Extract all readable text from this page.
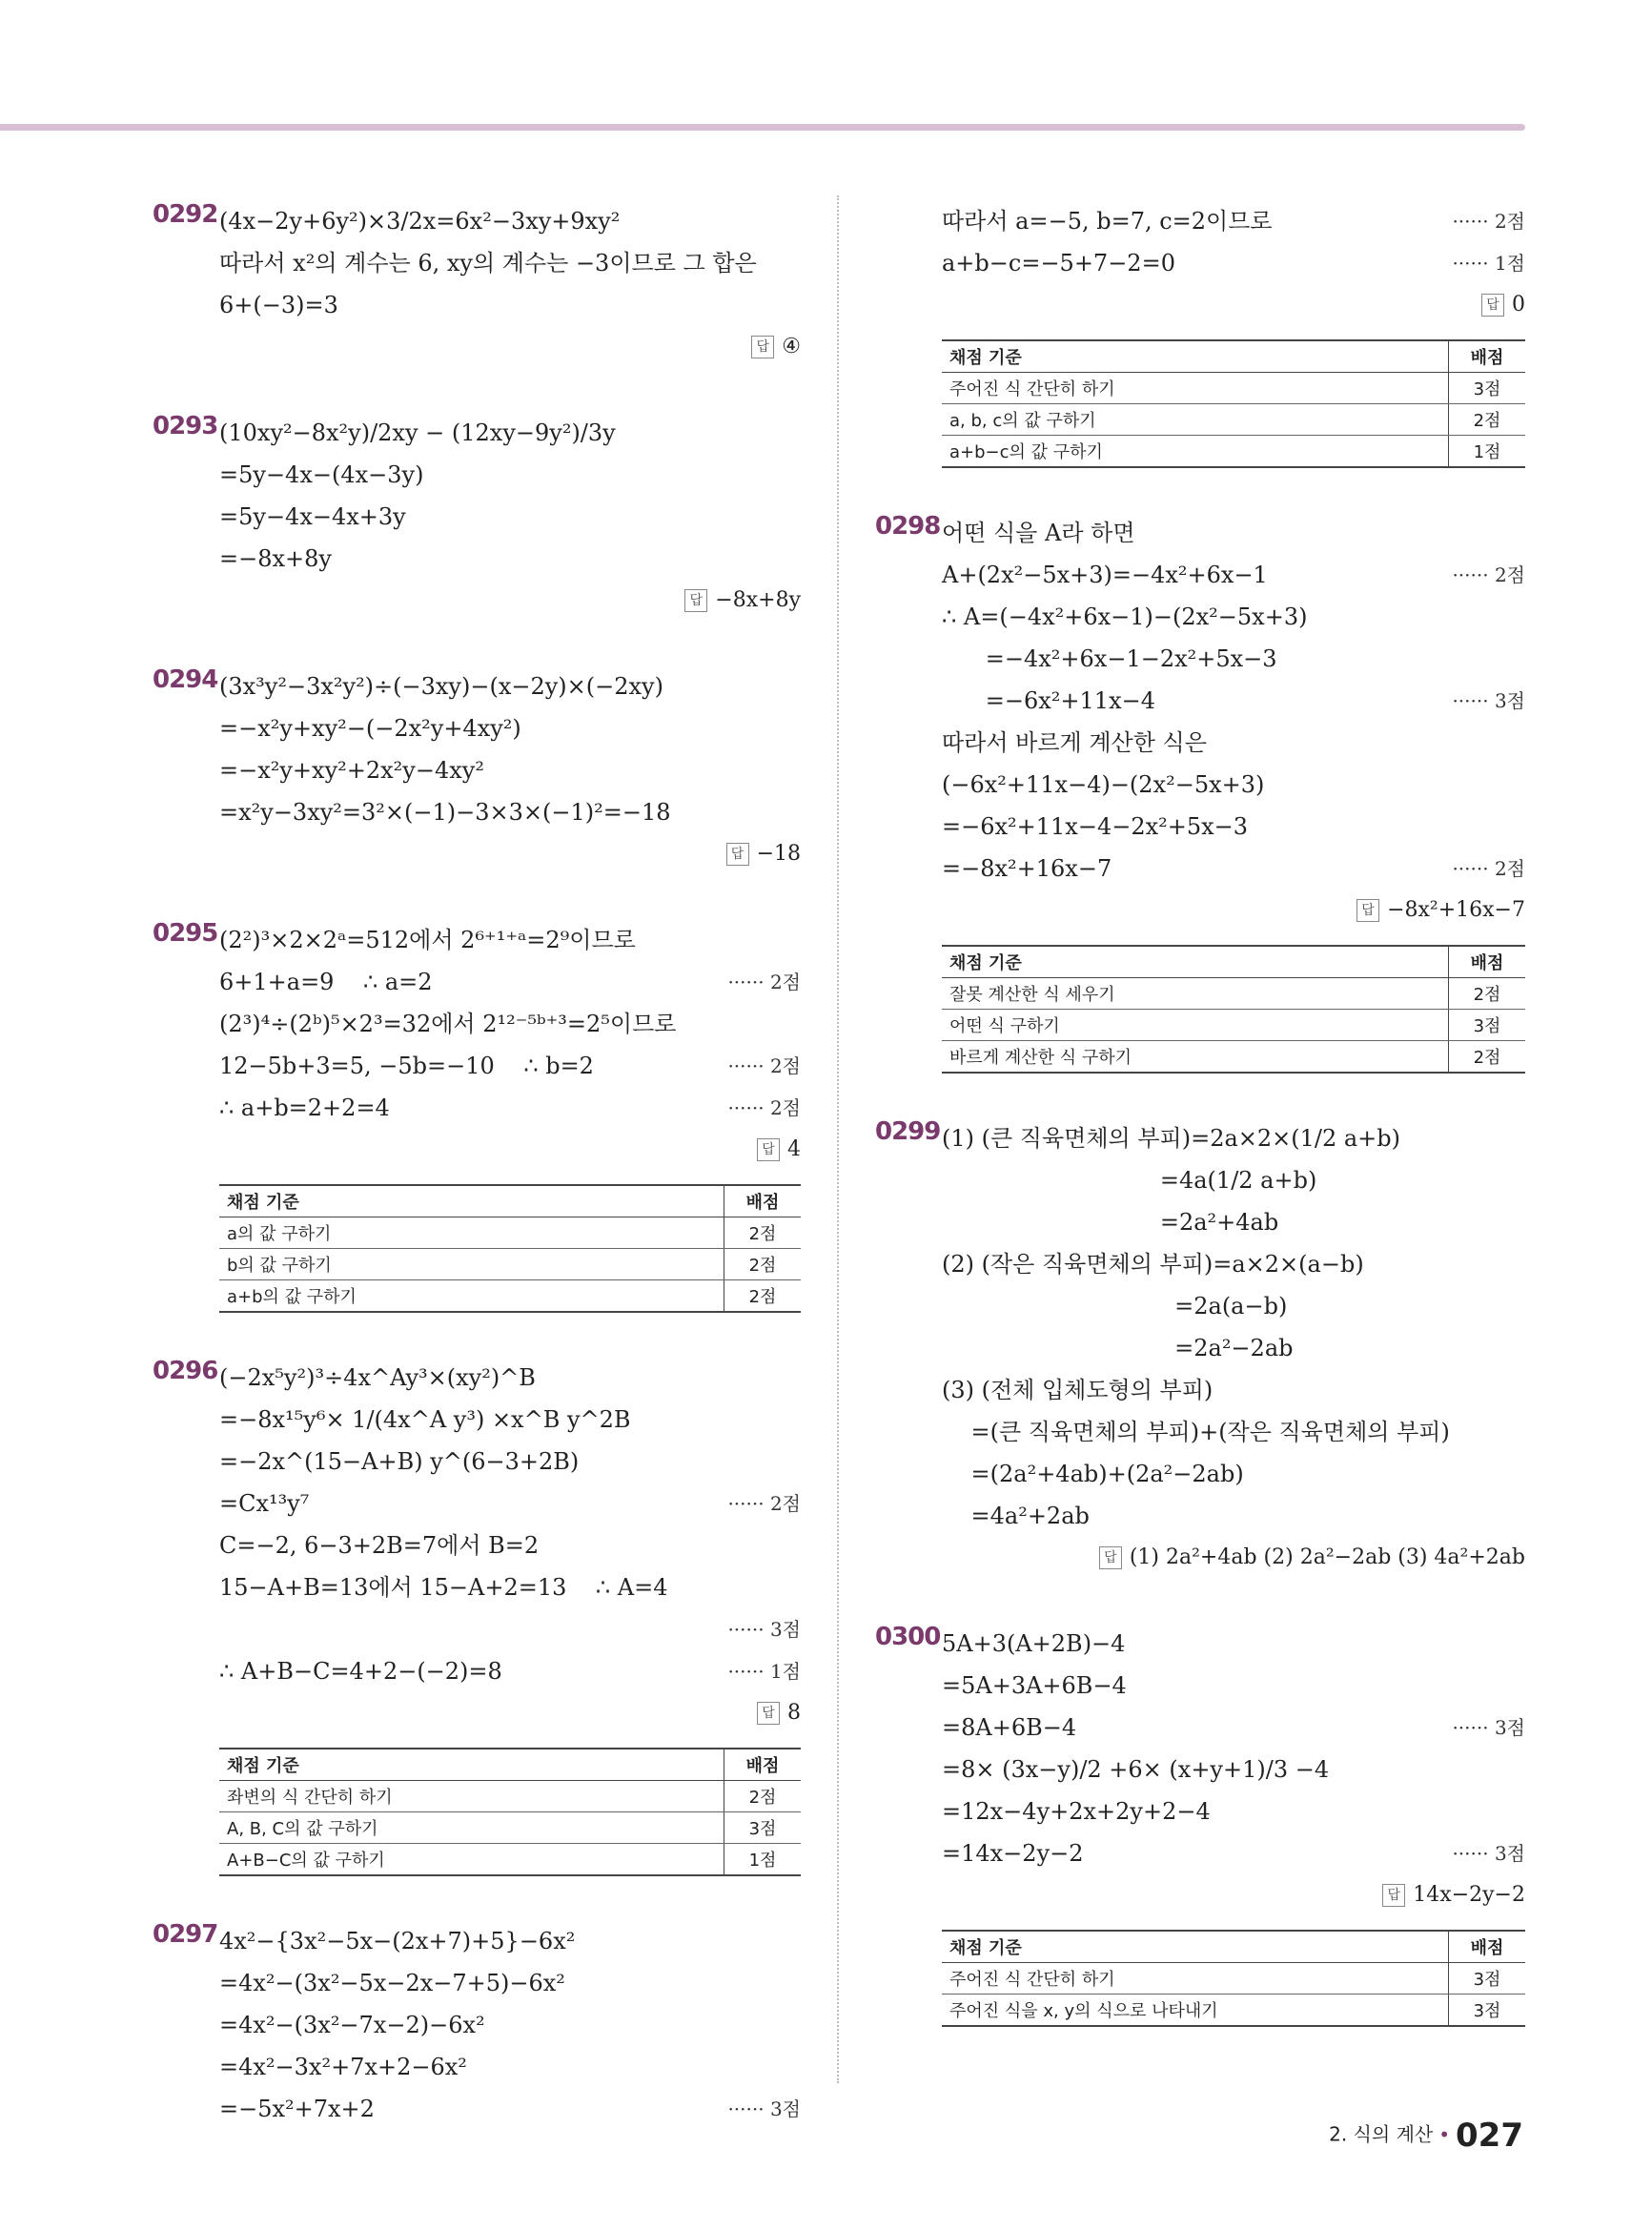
0292 (4x−2y+6y²)×3/2x=6x²−3xy+9xy²
따라서 x²의 계수는 6, xy의 계수는 −3이므로 그 합은
6+(−3)=3
답 ④
0293 (10xy²−8x²y)/2xy − (12xy−9y²)/3y
=5y−4x−(4x−3y)
=5y−4x−4x+3y
=−8x+8y
답 −8x+8y
0294 (3x³y²−3x²y²)÷(−3xy)−(x−2y)×(−2xy)
=−x²y+xy²−(−2x²y+4xy²)
=−x²y+xy²+2x²y−4xy²
=x²y−3xy²=3²×(−1)−3×3×(−1)²=−18
답 −18
0295 (2²)³×2×2ᵃ=512에서 2⁶⁺¹⁺ᵃ=2⁹이므로
6+1+a=9    ∴ a=2	······ 2점
(2³)⁴÷(2ᵇ)⁵×2³=32에서 2¹²⁻⁵ᵇ⁺³=2⁵이므로
12−5b+3=5, −5b=−10    ∴ b=2	······ 2점
∴ a+b=2+2=4	······ 2점
답 4
채점 기준	배점
a의 값 구하기	2점
b의 값 구하기	2점
a+b의 값 구하기	2점
0296 (−2x⁵y²)³÷4x^Ay³×(xy²)^B
=−8x¹⁵y⁶× 1/(4x^A y³) ×x^B y^2B
=−2x^(15−A+B) y^(6−3+2B)
=Cx¹³y⁷	······ 2점
C=−2, 6−3+2B=7에서 B=2
15−A+B=13에서 15−A+2=13    ∴ A=4
······ 3점
∴ A+B−C=4+2−(−2)=8	······ 1점
답 8
채점 기준	배점
좌변의 식 간단히 하기	2점
A, B, C의 값 구하기	3점
A+B−C의 값 구하기	1점
0297 4x²−{3x²−5x−(2x+7)+5}−6x²
=4x²−(3x²−5x−2x−7+5)−6x²
=4x²−(3x²−7x−2)−6x²
=4x²−3x²+7x+2−6x²
=−5x²+7x+2	······ 3점
따라서 a=−5, b=7, c=2이므로	······ 2점
a+b−c=−5+7−2=0	······ 1점
답 0
채점 기준	배점
주어진 식 간단히 하기	3점
a, b, c의 값 구하기	2점
a+b−c의 값 구하기	1점
0298 어떤 식을 A라 하면
A+(2x²−5x+3)=−4x²+6x−1	······ 2점
∴ A=(−4x²+6x−1)−(2x²−5x+3)
=−4x²+6x−1−2x²+5x−3
=−6x²+11x−4	······ 3점
따라서 바르게 계산한 식은
(−6x²+11x−4)−(2x²−5x+3)
=−6x²+11x−4−2x²+5x−3
=−8x²+16x−7	······ 2점
답 −8x²+16x−7
채점 기준	배점
잘못 계산한 식 세우기	2점
어떤 식 구하기	3점
바르게 계산한 식 구하기	2점
0299 (1) (큰 직육면체의 부피)=2a×2×(1/2 a+b)
=4a(1/2 a+b)
=2a²+4ab
(2) (작은 직육면체의 부피)=a×2×(a−b)
=2a(a−b)
=2a²−2ab
(3) (전체 입체도형의 부피)
=(큰 직육면체의 부피)+(작은 직육면체의 부피)
=(2a²+4ab)+(2a²−2ab)
=4a²+2ab
답 (1) 2a²+4ab (2) 2a²−2ab (3) 4a²+2ab
0300 5A+3(A+2B)−4
=5A+3A+6B−4
=8A+6B−4	······ 3점
=8× (3x−y)/2 +6× (x+y+1)/3 −4
=12x−4y+2x+2y+2−4
=14x−2y−2	······ 3점
답 14x−2y−2
채점 기준	배점
주어진 식 간단히 하기	3점
주어진 식을 x, y의 식으로 나타내기	3점
2. 식의 계산 • 027
